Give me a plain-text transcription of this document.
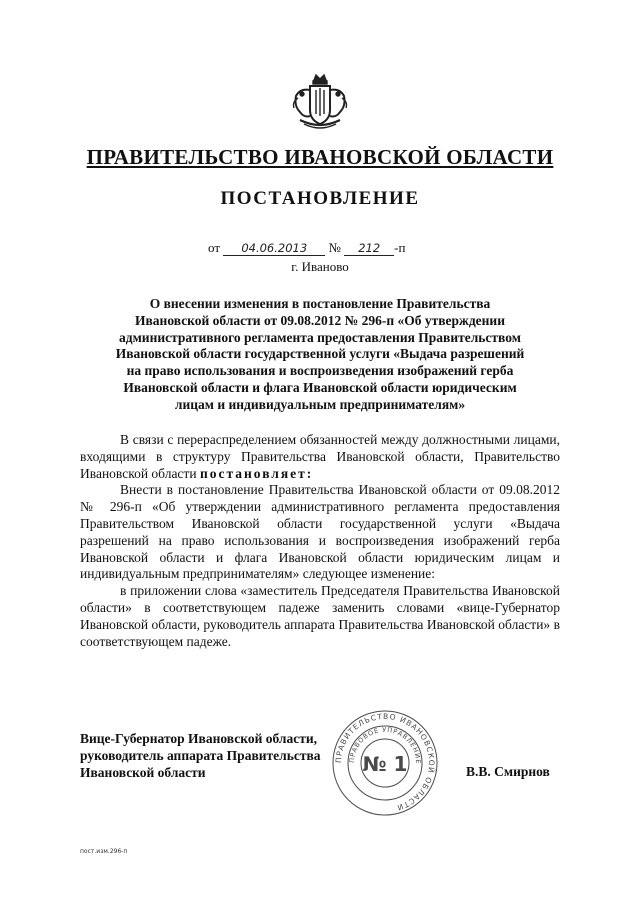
ПРАВИТЕЛЬСТВО ИВАНОВСКОЙ ОБЛАСТИ
ПОСТАНОВЛЕНИЕ
от 04.06.2013 № 212 -п
г. Иваново
О внесении изменения в постановление Правительства Ивановской области от 09.08.2012 № 296-п «Об утверждении административного регламента предоставления Правительством Ивановской области государственной услуги «Выдача разрешений на право использования и воспроизведения изображений герба Ивановской области и флага Ивановской области юридическим лицам и индивидуальным предпринимателям»

В связи с перераспределением обязанностей между должностными лицами, входящими в структуру Правительства Ивановской области, Правительство Ивановской области постановляет:

Внести в постановление Правительства Ивановской области от 09.08.2012 № 296-п «Об утверждении административного регламента предоставления Правительством Ивановской области государственной услуги «Выдача разрешений на право использования и воспроизведения изображений герба Ивановской области и флага Ивановской области юридическим лицам и индивидуальным предпринимателям» следующее изменение:

в приложении слова «заместитель Председателя Правительства Ивановской области» в соответствующем падеже заменить словами «вице-Губернатор Ивановской области, руководитель аппарата Правительства Ивановской области» в соответствующем падеже.

ПРАВИТЕЛЬСТВО ИВАНОВСКОЙ ОБЛАСТИ
ПРАВОВОЕ УПРАВЛЕНИЕ
№ 1
Вице-Губернатор Ивановской области,
руководитель аппарата Правительства
Ивановской области	В.В. Смирнов
пост.изм.296-п
